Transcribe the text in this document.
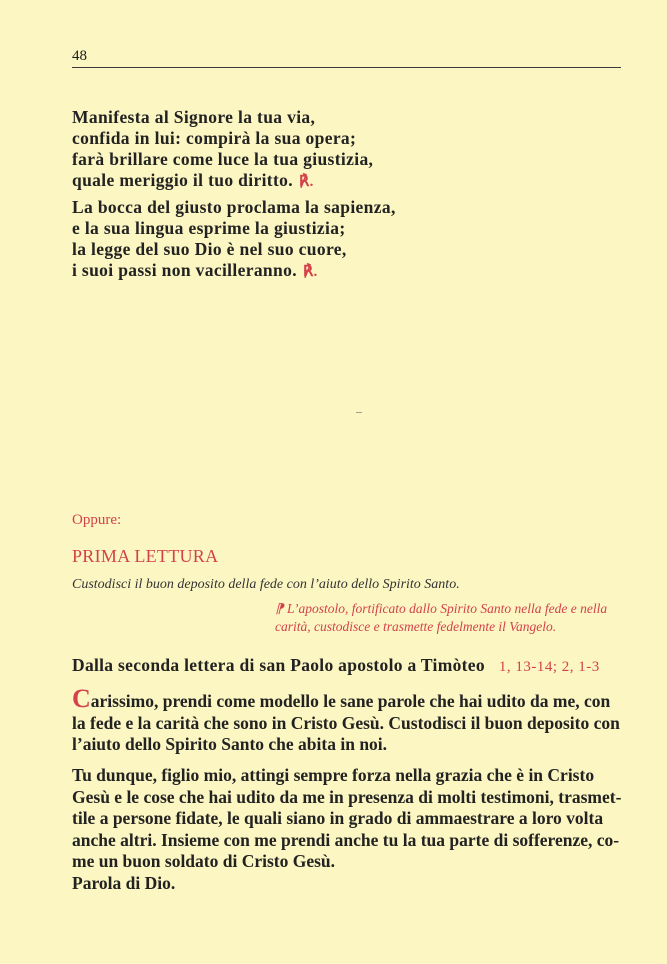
48
Manifesta al Signore la tua via,
confida in lui: compirà la sua opera;
farà brillare come luce la tua giustizia,
quale meriggio il tuo diritto. ℟.
La bocca del giusto proclama la sapienza,
e la sua lingua esprime la giustizia;
la legge del suo Dio è nel suo cuore,
i suoi passi non vacilleranno. ℟.
Oppure:
PRIMA LETTURA
Custodisci il buon deposito della fede con l’aiuto dello Spirito Santo.
⁋ L’apostolo, fortificato dallo Spirito Santo nella fede e nella
carità, custodisce e trasmette fedelmente il Vangelo.
Dalla seconda lettera di san Paolo apostolo a Timòteo 1, 13-14; 2, 1-3
Carissimo, prendi come modello le sane parole che hai udito da me, con
la fede e la carità che sono in Cristo Gesù. Custodisci il buon deposito con
l’aiuto dello Spirito Santo che abita in noi.
Tu dunque, figlio mio, attingi sempre forza nella grazia che è in Cristo
Gesù e le cose che hai udito da me in presenza di molti testimoni, trasmet-
tile a persone fidate, le quali siano in grado di ammaestrare a loro volta
anche altri. Insieme con me prendi anche tu la tua parte di sofferenze, co-
me un buon soldato di Cristo Gesù.
Parola di Dio.
